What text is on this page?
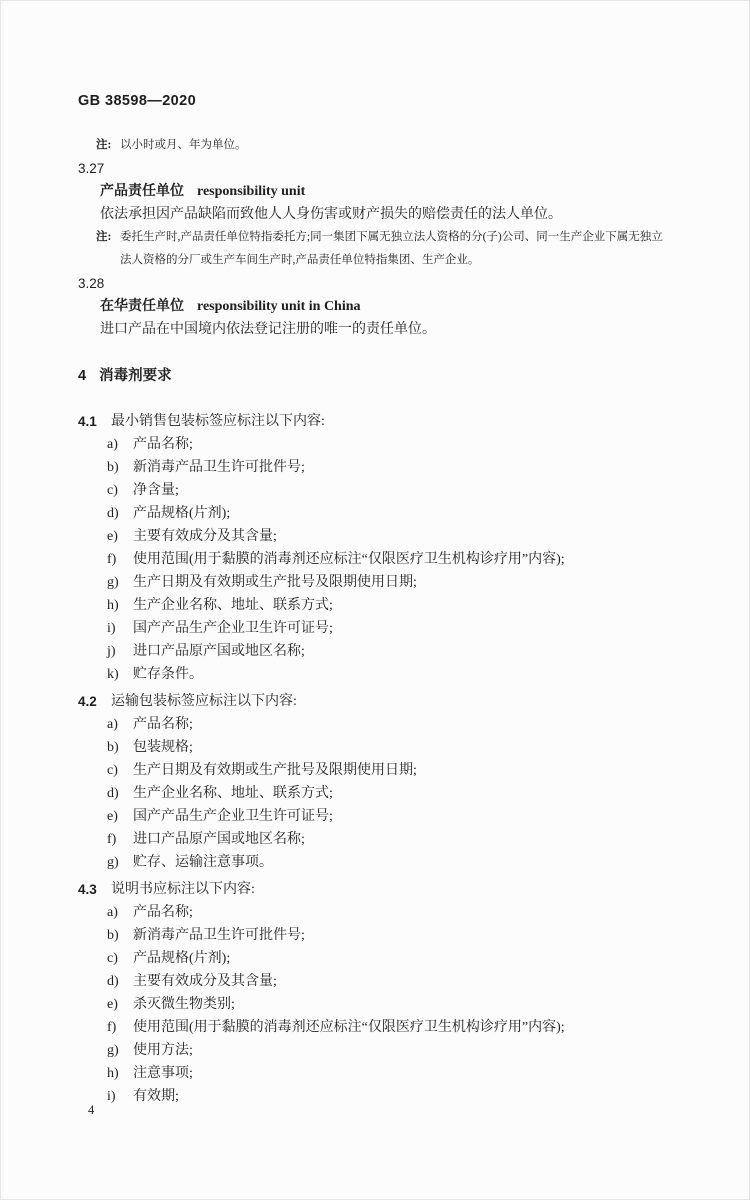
GB 38598—2020
注: 以小时或月、年为单位。
3.27
产品责任单位 responsibility unit
依法承担因产品缺陷而致他人人身伤害或财产损失的赔偿责任的法人单位。
注: 委托生产时,产品责任单位特指委托方;同一集团下属无独立法人资格的分(子)公司、同一生产企业下属无独立法人资格的分厂或生产车间生产时,产品责任单位特指集团、生产企业。
3.28
在华责任单位 responsibility unit in China
进口产品在中国境内依法登记注册的唯一的责任单位。
4 消毒剂要求
4.1	最小销售包装标签应标注以下内容:
a) 产品名称;
b) 新消毒产品卫生许可批件号;
c) 净含量;
d) 产品规格(片剂);
e) 主要有效成分及其含量;
f) 使用范围(用于黏膜的消毒剂还应标注“仅限医疗卫生机构诊疗用”内容);
g) 生产日期及有效期或生产批号及限期使用日期;
h) 生产企业名称、地址、联系方式;
i) 国产产品生产企业卫生许可证号;
j) 进口产品原产国或地区名称;
k) 贮存条件。
4.2	运输包装标签应标注以下内容:
a) 产品名称;
b) 包装规格;
c) 生产日期及有效期或生产批号及限期使用日期;
d) 生产企业名称、地址、联系方式;
e) 国产产品生产企业卫生许可证号;
f) 进口产品原产国或地区名称;
g) 贮存、运输注意事项。
4.3	说明书应标注以下内容:
a) 产品名称;
b) 新消毒产品卫生许可批件号;
c) 产品规格(片剂);
d) 主要有效成分及其含量;
e) 杀灭微生物类别;
f) 使用范围(用于黏膜的消毒剂还应标注“仅限医疗卫生机构诊疗用”内容);
g) 使用方法;
h) 注意事项;
i) 有效期;
4
